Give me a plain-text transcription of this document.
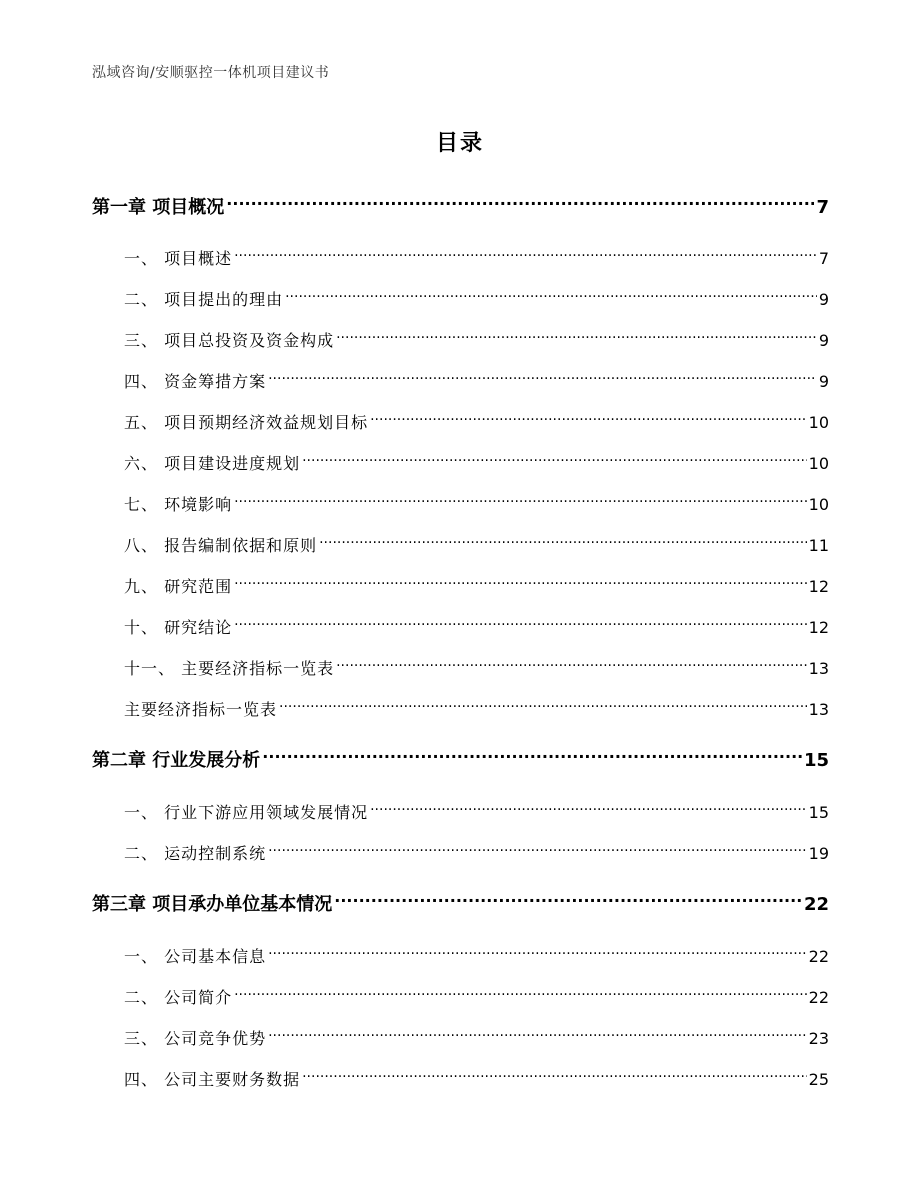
泓域咨询/安顺驱控一体机项目建议书
目录
第一章 项目概况 .....	7
一、 项目概述 .....	7
二、 项目提出的理由 .....	9
三、 项目总投资及资金构成 .....	9
四、 资金筹措方案 .....	9
五、 项目预期经济效益规划目标 .....	10
六、 项目建设进度规划 .....	10
七、 环境影响 .....	10
八、 报告编制依据和原则 .....	11
九、 研究范围 .....	12
十、 研究结论 .....	12
十一、 主要经济指标一览表 .....	13
主要经济指标一览表 .....	13
第二章 行业发展分析 .....	15
一、 行业下游应用领域发展情况 .....	15
二、 运动控制系统 .....	19
第三章 项目承办单位基本情况 .....	22
一、 公司基本信息 .....	22
二、 公司简介 .....	22
三、 公司竞争优势 .....	23
四、 公司主要财务数据 .....	25
